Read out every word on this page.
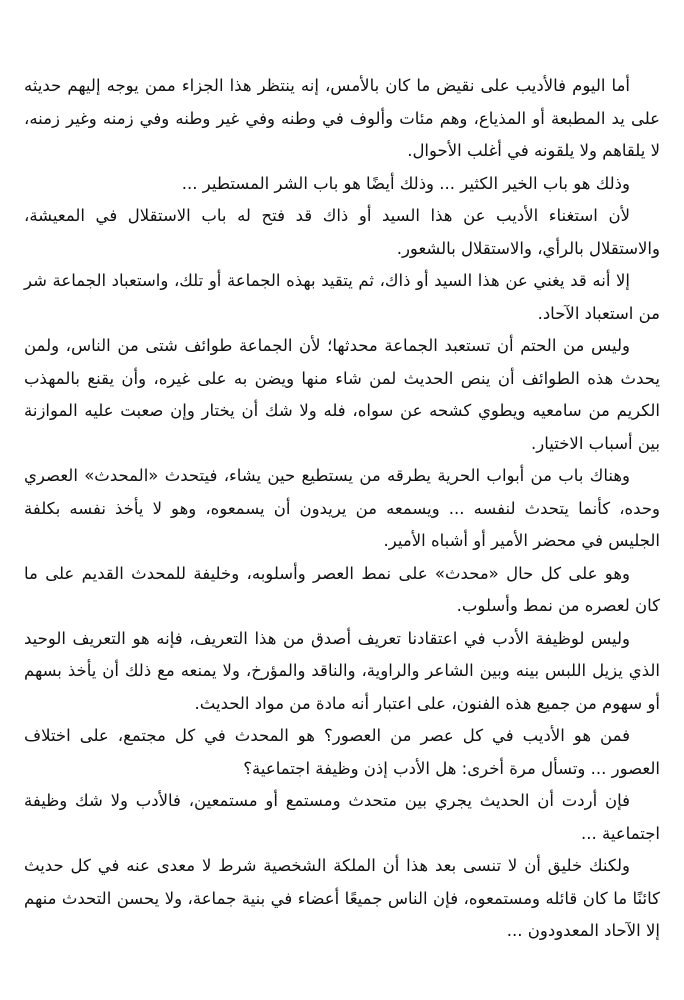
أما اليوم فالأديب على نقيض ما كان بالأمس، إنه ينتظر هذا الجزاء ممن يوجه إليهم حديثه على يد المطبعة أو المذياع، وهم مئات وألوف في وطنه وفي غير وطنه وفي زمنه وغير زمنه، لا يلقاهم ولا يلقونه في أغلب الأحوال.

وذلك هو باب الخير الكثير ... وذلك أيضًا هو باب الشر المستطير ...

لأن استغناء الأديب عن هذا السيد أو ذاك قد فتح له باب الاستقلال في المعيشة، والاستقلال بالرأي، والاستقلال بالشعور.

إلا أنه قد يغني عن هذا السيد أو ذاك، ثم يتقيد بهذه الجماعة أو تلك، واستعباد الجماعة شر من استعباد الآحاد.

وليس من الحتم أن تستعبد الجماعة محدثها؛ لأن الجماعة طوائف شتى من الناس، ولمن يحدث هذه الطوائف أن ينص الحديث لمن شاء منها ويضن به على غيره، وأن يقنع بالمهذب الكريم من سامعيه ويطوي كشحه عن سواه، فله ولا شك أن يختار وإن صعبت عليه الموازنة بين أسباب الاختيار.

وهناك باب من أبواب الحرية يطرقه من يستطيع حين يشاء، فيتحدث «المحدث» العصري وحده، كأنما يتحدث لنفسه ... ويسمعه من يريدون أن يسمعوه، وهو لا يأخذ نفسه بكلفة الجليس في محضر الأمير أو أشباه الأمير.

وهو على كل حال «محدث» على نمط العصر وأسلوبه، وخليفة للمحدث القديم على ما كان لعصره من نمط وأسلوب.

وليس لوظيفة الأدب في اعتقادنا تعريف أصدق من هذا التعريف، فإنه هو التعريف الوحيد الذي يزيل اللبس بينه وبين الشاعر والراوية، والناقد والمؤرخ، ولا يمنعه مع ذلك أن يأخذ بسهم أو سهوم من جميع هذه الفنون، على اعتبار أنه مادة من مواد الحديث.

فمن هو الأديب في كل عصر من العصور؟ هو المحدث في كل مجتمع، على اختلاف العصور ... وتسأل مرة أخرى: هل الأدب إذن وظيفة اجتماعية؟

فإن أردت أن الحديث يجري بين متحدث ومستمع أو مستمعين، فالأدب ولا شك وظيفة اجتماعية ...

ولكنك خليق أن لا تنسى بعد هذا أن الملكة الشخصية شرط لا معدى عنه في كل حديث كائنًا ما كان قائله ومستمعوه، فإن الناس جميعًا أعضاء في بنية جماعة، ولا يحسن التحدث منهم إلا الآحاد المعدودون ...
